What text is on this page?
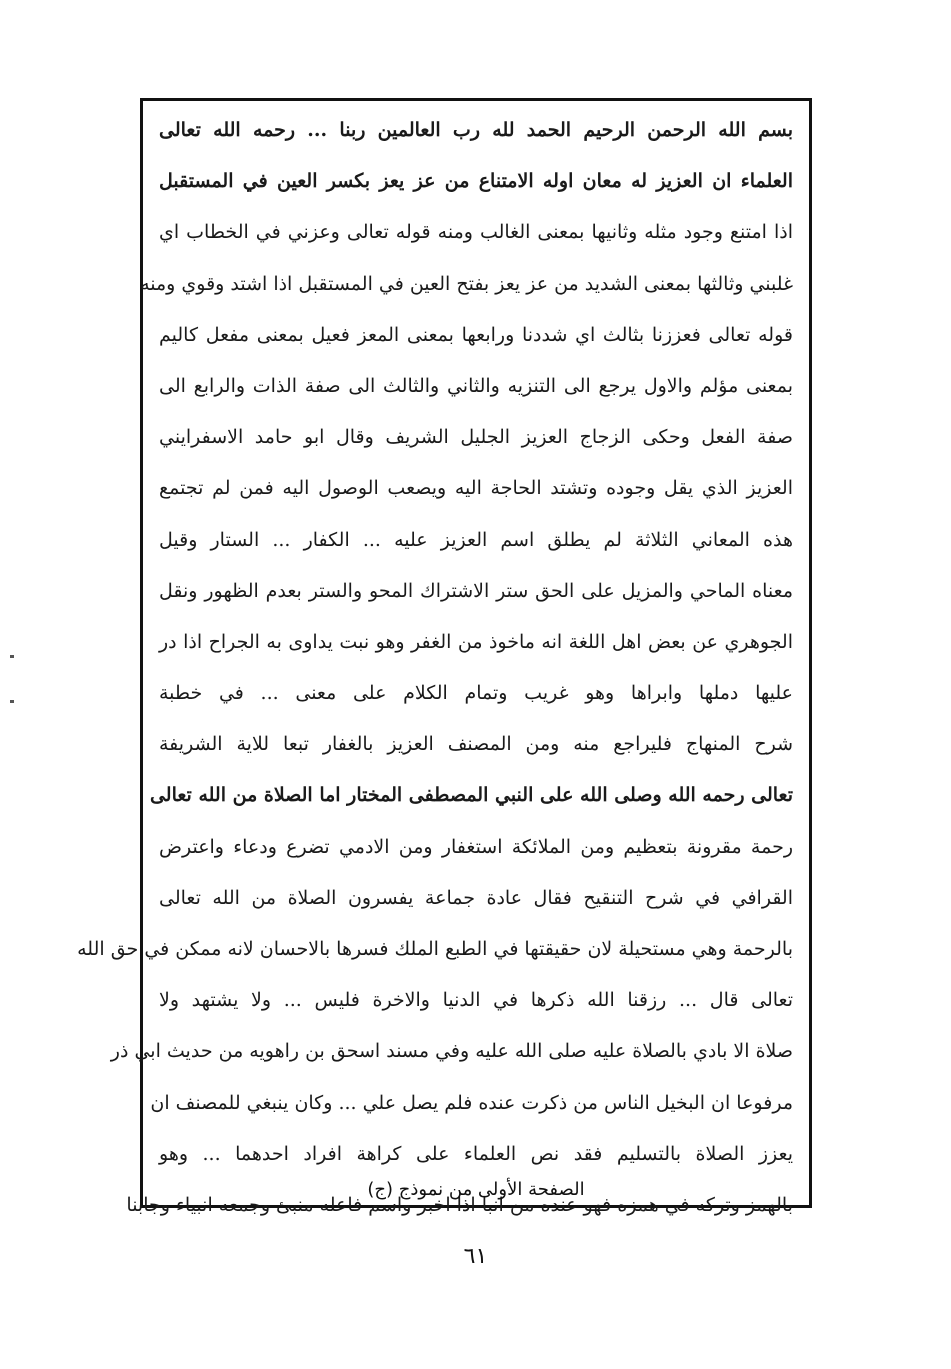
بسم الله الرحمن الرحيم الحمد لله رب العالمين ربنا ... رحمه الله تعالى
العلماء ان العزيز له معان اوله الامتناع من عز يعز بكسر العين في المستقبل
اذا امتنع وجود مثله وثانيها بمعنى الغالب ومنه قوله تعالى وعزني في الخطاب اي
غلبني وثالثها بمعنى الشديد من عز يعز بفتح العين في المستقبل اذا اشتد وقوي ومنه
قوله تعالى فعززنا بثالث اي شددنا ورابعها بمعنى المعز فعيل بمعنى مفعل كاليم
بمعنى مؤلم والاول يرجع الى التنزيه والثاني والثالث الى صفة الذات والرابع الى
صفة الفعل وحكى الزجاج العزيز الجليل الشريف وقال ابو حامد الاسفرايني
العزيز الذي يقل وجوده وتشتد الحاجة اليه ويصعب الوصول اليه فمن لم تجتمع
هذه المعاني الثلاثة لم يطلق اسم العزيز عليه ... الكفار ... الستار وقيل
معناه الماحي والمزيل على الحق ستر الاشتراك المحو والستر بعدم الظهور ونقل
الجوهري عن بعض اهل اللغة انه ماخوذ من الغفر وهو نبت يداوى به الجراح اذا در
عليها دملها وابراها وهو غريب وتمام الكلام على معنى ... في خطبة
شرح المنهاج فليراجع منه ومن المصنف العزيز بالغفار تبعا للاية الشريفة
تعالى رحمه الله وصلى الله على النبي المصطفى المختار اما الصلاة من الله تعالى
رحمة مقرونة بتعظيم ومن الملائكة استغفار ومن الادمي تضرع ودعاء واعترض
القرافي في شرح التنقيح فقال عادة جماعة يفسرون الصلاة من الله تعالى
بالرحمة وهي مستحيلة لان حقيقتها في الطبع الملك فسرها بالاحسان لانه ممكن في حق الله
تعالى قال ... رزقنا الله ذكرها في الدنيا والاخرة فليس ... ولا يشتهد ولا
صلاة الا بادي بالصلاة عليه صلى الله عليه وفي مسند اسحق بن راهويه من حديث ابي ذر
مرفوعا ان البخيل الناس من ذكرت عنده فلم يصل علي ... وكان ينبغي للمصنف ان
يعزز الصلاة بالتسليم فقد نص العلماء على كراهة افراد احدهما ... وهو
بالهمز وتركه في همزه فهو عنده من انبا اذا اخبر واسم فاعله منبئ وجمعه انبياء وجابنا
الصفحة الأولى من نموذج (ج)
٦١
